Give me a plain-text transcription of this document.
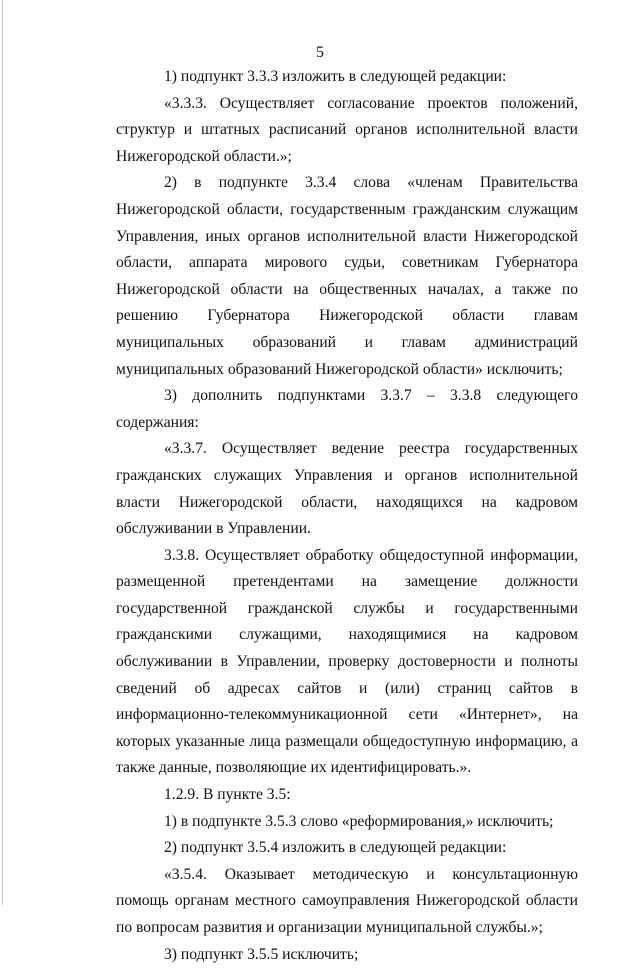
5

1) подпункт 3.3.3 изложить в следующей редакции:

«3.3.3. Осуществляет согласование проектов положений, структур и штатных расписаний органов исполнительной власти Нижегородской области.»;

2) в подпункте 3.3.4 слова «членам Правительства Нижегородской области, государственным гражданским служащим Управления, иных органов исполнительной власти Нижегородской области, аппарата мирового судьи, советникам Губернатора Нижегородской области на общественных началах, а также по решению Губернатора Нижегородской области главам муниципальных образований и главам администраций муниципальных образований Нижегородской области» исключить;

3) дополнить подпунктами 3.3.7 – 3.3.8 следующего содержания:

«3.3.7. Осуществляет ведение реестра государственных гражданских служащих Управления и органов исполнительной власти Нижегородской области, находящихся на кадровом обслуживании в Управлении.

3.3.8. Осуществляет обработку общедоступной информации, размещенной претендентами на замещение должности государственной гражданской службы и государственными гражданскими служащими, находящимися на кадровом обслуживании в Управлении, проверку достоверности и полноты сведений об адресах сайтов и (или) страниц сайтов в информационно-телекоммуникационной сети «Интернет», на которых указанные лица размещали общедоступную информацию, а также данные, позволяющие их идентифицировать.».

1.2.9. В пункте 3.5:

1) в подпункте 3.5.3 слово «реформирования,» исключить;

2) подпункт 3.5.4 изложить в следующей редакции:

«3.5.4. Оказывает методическую и консультационную помощь органам местного самоуправления Нижегородской области по вопросам развития и организации муниципальной службы.»;

3) подпункт 3.5.5 исключить;
